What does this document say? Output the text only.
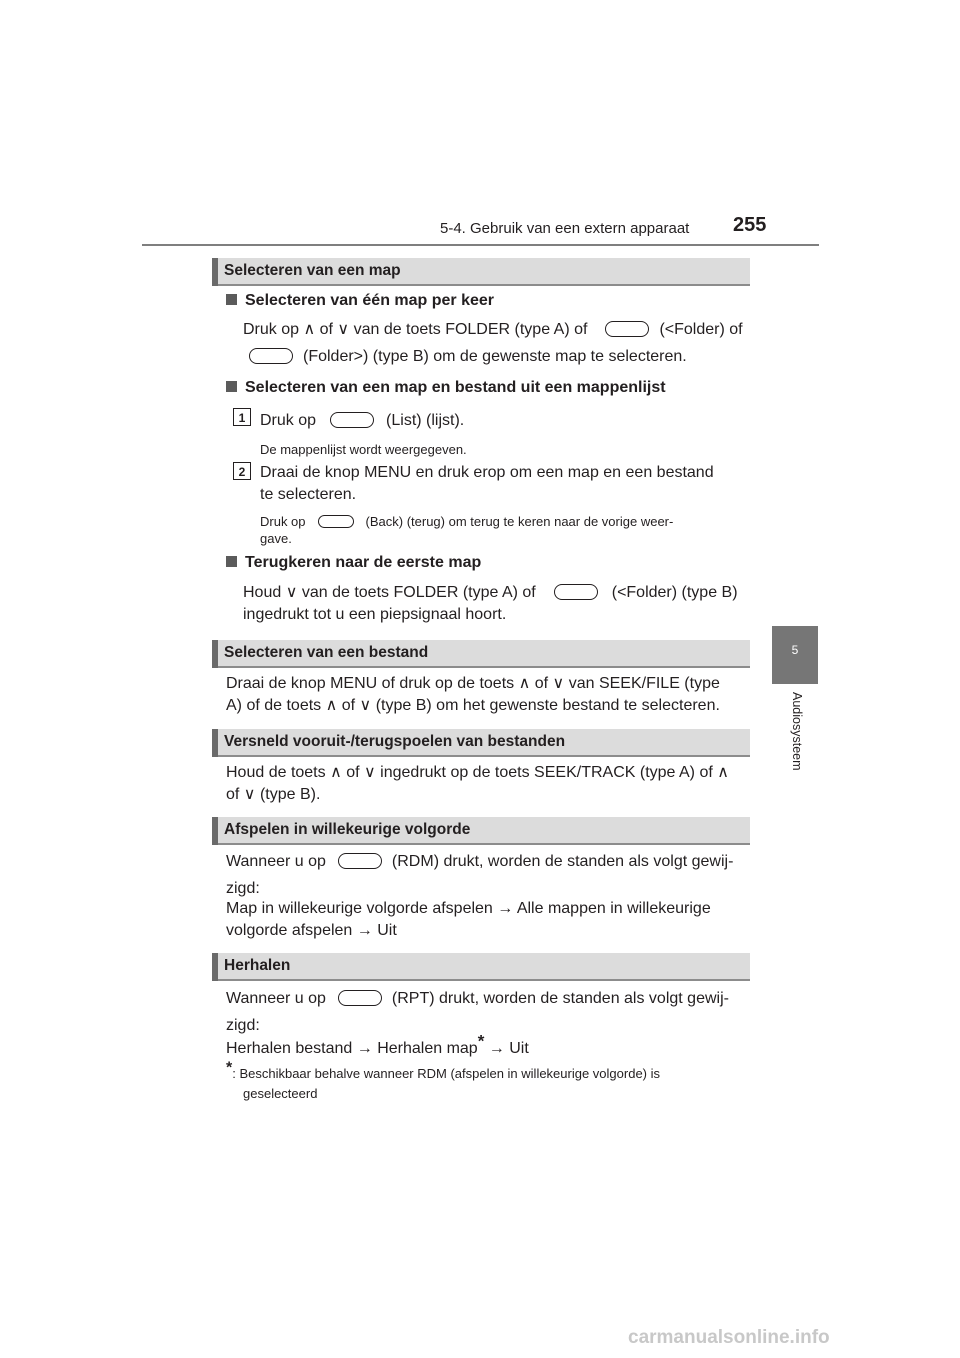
5-4. Gebruik van een extern apparaat 255
5
Audiosysteem
Selecteren van een map
Selecteren van één map per keer
Druk op ∧ of ∨ van de toets FOLDER (type A) of	(<Folder) of
(Folder>) (type B) om de gewenste map te selecteren.
Selecteren van een map en bestand uit een mappenlijst
1 Druk op	(List) (lijst).
De mappenlijst wordt weergegeven.
2 Draai de knop MENU en druk erop om een map en een bestand
te selecteren.
Druk op	(Back) (terug) om terug te keren naar de vorige weer-
gave.
Terugkeren naar de eerste map
Houd ∨ van de toets FOLDER (type A) of	(<Folder) (type B)
ingedrukt tot u een piepsignaal hoort.
Selecteren van een bestand
Draai de knop MENU of druk op de toets ∧ of ∨ van SEEK/FILE (type
A) of de toets ∧ of ∨ (type B) om het gewenste bestand te selecteren.
Versneld vooruit-/terugspoelen van bestanden
Houd de toets ∧ of ∨ ingedrukt op de toets SEEK/TRACK (type A) of ∧
of ∨ (type B).
Afspelen in willekeurige volgorde
Wanneer u op	(RDM) drukt, worden de standen als volgt gewij-
zigd:
Map in willekeurige volgorde afspelen → Alle mappen in willekeurige
volgorde afspelen → Uit
Herhalen
Wanneer u op	(RPT) drukt, worden de standen als volgt gewij-
zigd:
Herhalen bestand → Herhalen map* → Uit
*: Beschikbaar behalve wanneer RDM (afspelen in willekeurige volgorde) is
geselecteerd
carmanualsonline.info
